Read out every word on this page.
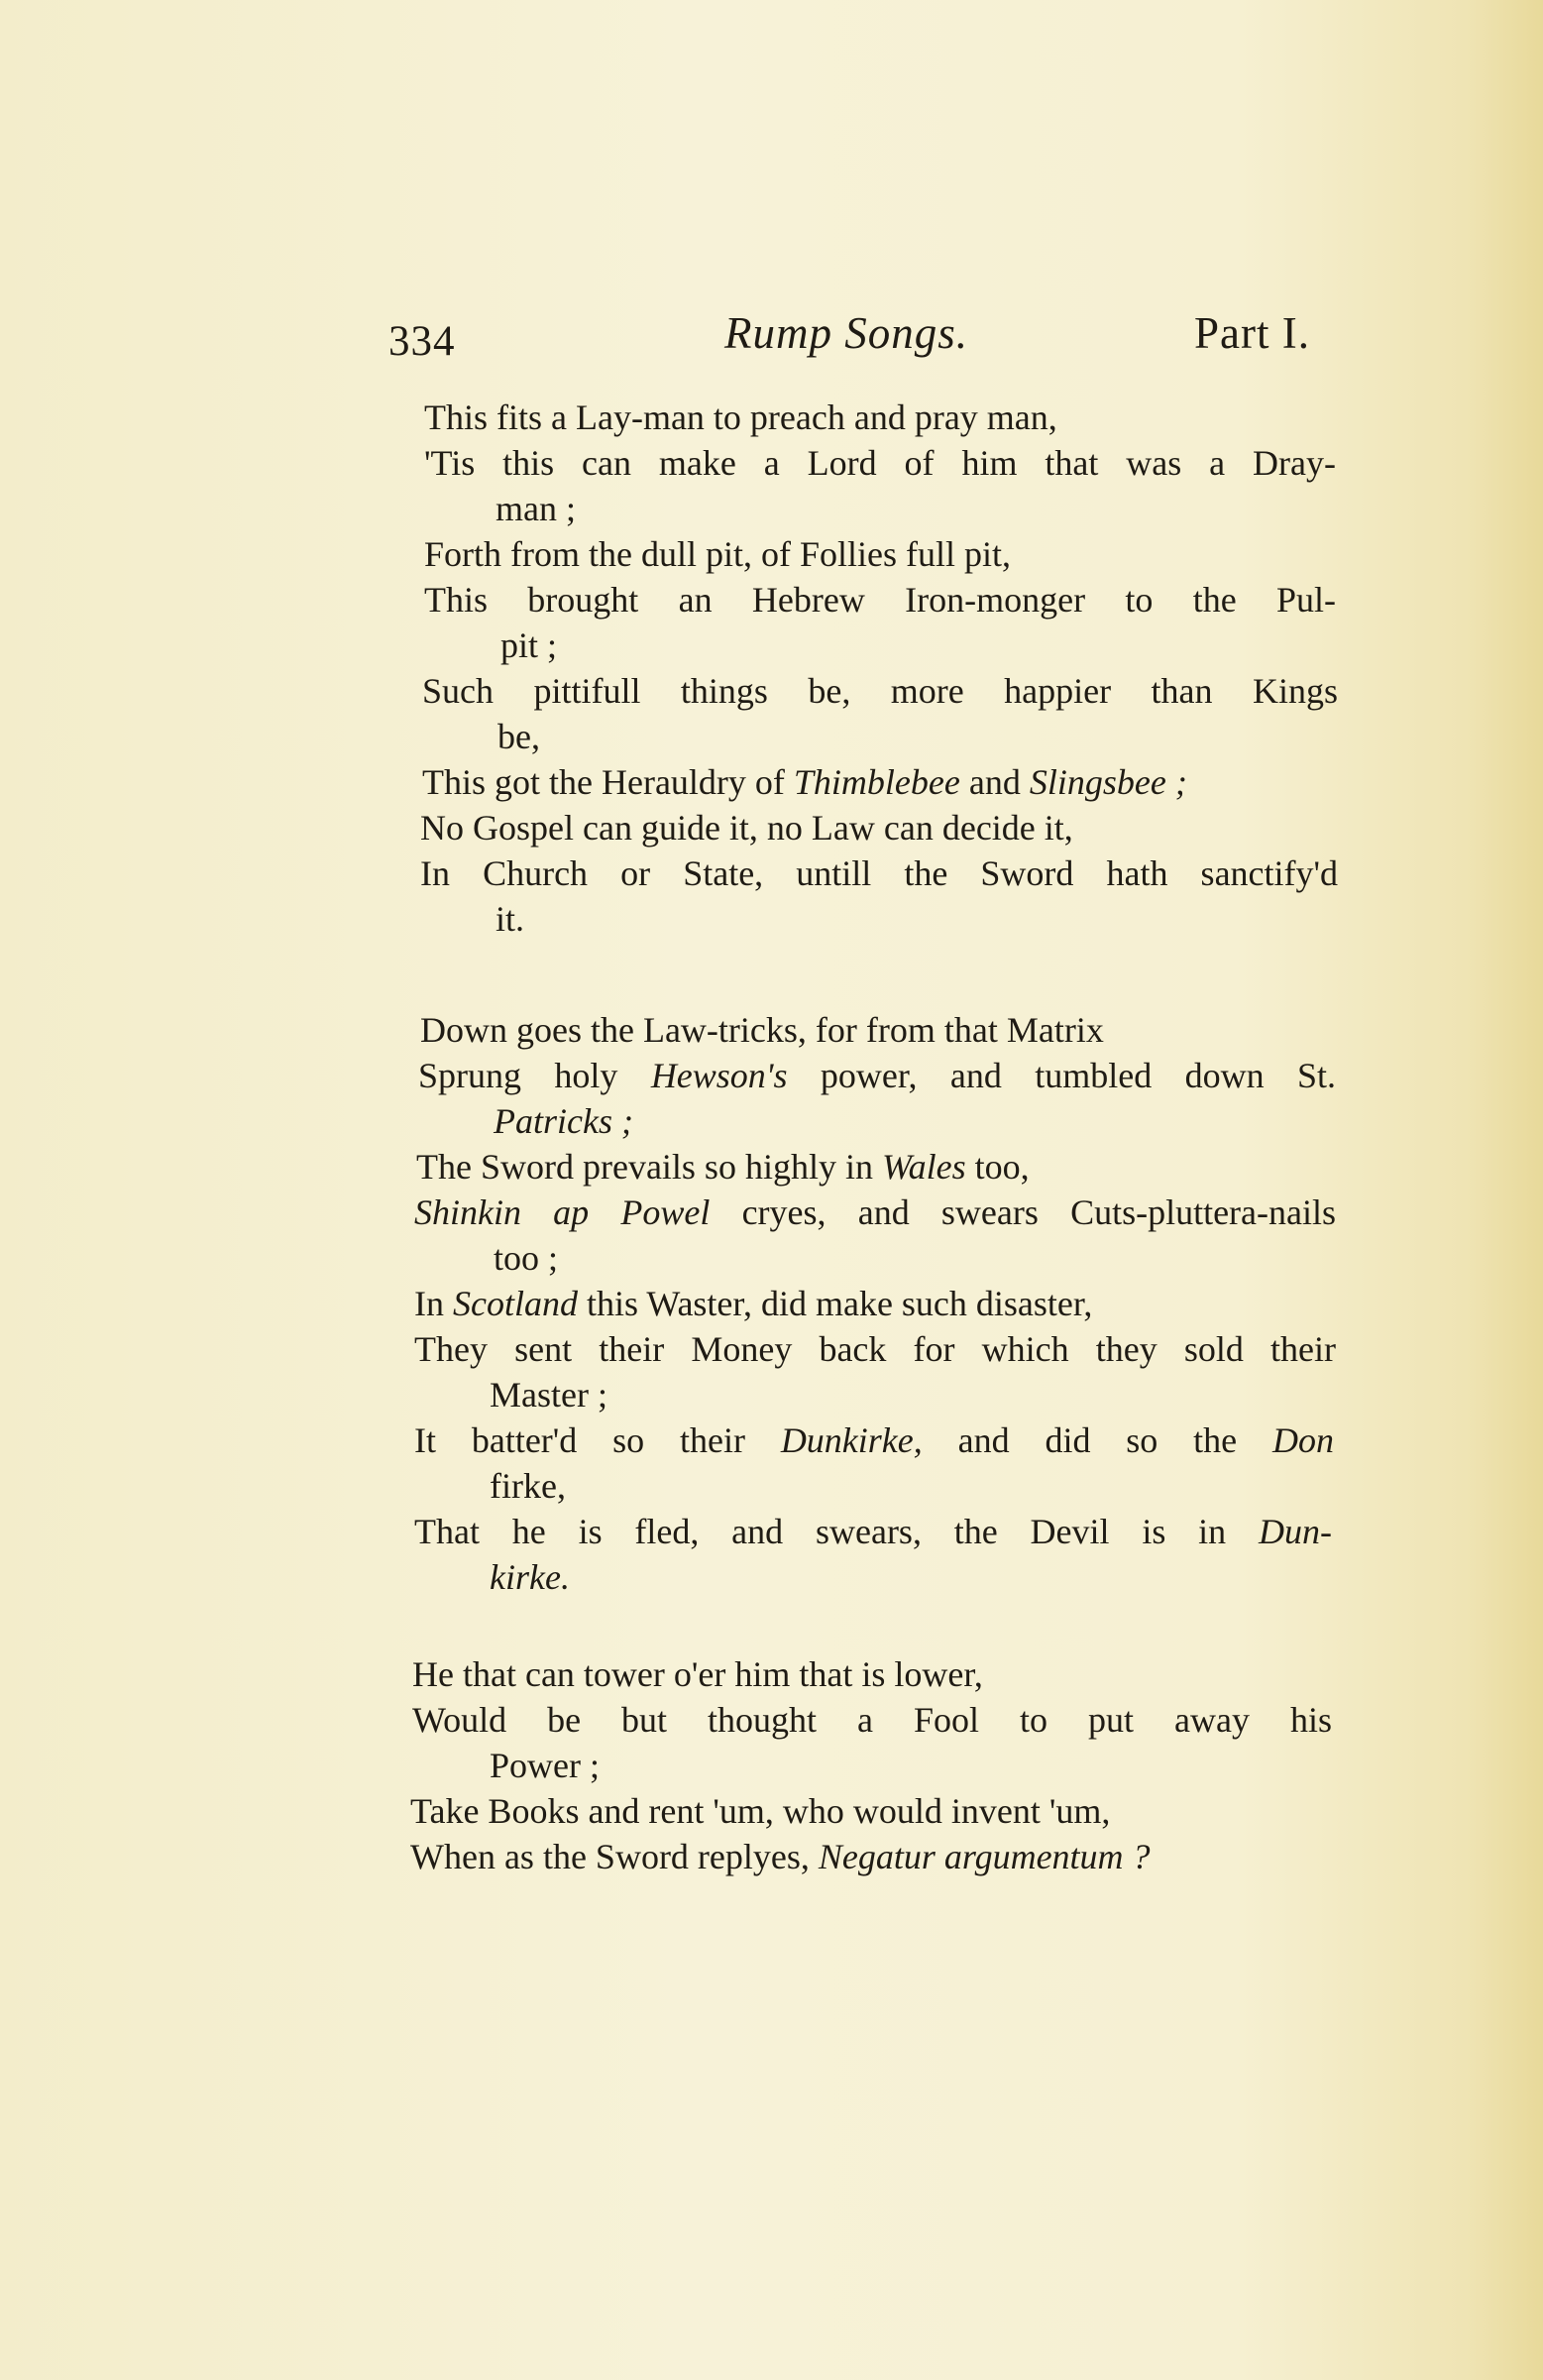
334	Rump Songs.	Part I.
This fits a Lay-man to preach and pray man,
'Tis this can make a Lord of him that was a Dray-
man ;
Forth from the dull pit, of Follies full pit,
This brought an Hebrew Iron-monger to the Pul-
pit ;
Such pittifull things be, more happier than Kings
be,
This got the Herauldry of Thimblebee and Slingsbee ;
No Gospel can guide it, no Law can decide it,
In Church or State, untill the Sword hath sanctify'd
it.
Down goes the Law-tricks, for from that Matrix
Sprung holy Hewson's power, and tumbled down St.
Patricks ;
The Sword prevails so highly in Wales too,
Shinkin ap Powel cryes, and swears Cuts-pluttera-nails
too ;
In Scotland this Waster, did make such disaster,
They sent their Money back for which they sold their
Master ;
It batter'd so their Dunkirke, and did so the Don
firke,
That he is fled, and swears, the Devil is in Dun-
kirke.
He that can tower o'er him that is lower,
Would be but thought a Fool to put away his
Power ;
Take Books and rent 'um, who would invent 'um,
When as the Sword replyes, Negatur argumentum ?
